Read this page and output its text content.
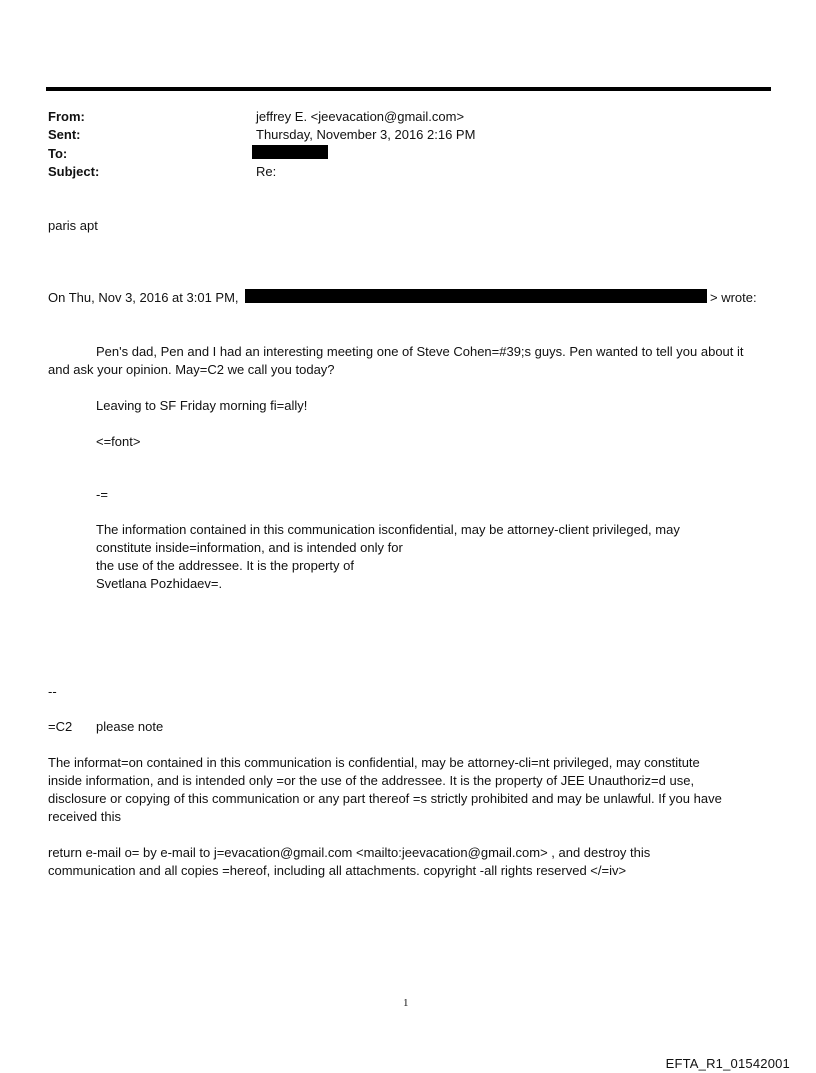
From:	jeffrey E. <jeevacation@gmail.com>
Sent:	Thursday, November 3, 2016 2:16 PM
To:
Subject:	Re:
paris apt
On Thu, Nov 3, 2016 at 3:01 PM,	> wrote:
Pen's dad, Pen and I had an interesting meeting one of Steve Cohen=#39;s guys. Pen wanted to tell you about it
and ask your opinion. May=C2 we call you today?
Leaving to SF Friday morning fi=ally!
<=font>
-=
The information contained in this communication isconfidential, may be attorney-client privileged, may
constitute inside=information, and is intended only for
the use of the addressee. It is the property of
Svetlana Pozhidaev=.
--
=C2 please note
The informat=on contained in this communication is confidential, may be attorney-cli=nt privileged, may constitute
inside information, and is intended only =or the use of the addressee. It is the property of JEE Unauthoriz=d use,
disclosure or copying of this communication or any part thereof =s strictly prohibited and may be unlawful. If you have
received this
return e-mail o= by e-mail to j=evacation@gmail.com <mailto:jeevacation@gmail.com> , and destroy this
communication and all copies =hereof, including all attachments. copyright -all rights reserved </=iv>
1
EFTA_R1_01542001
